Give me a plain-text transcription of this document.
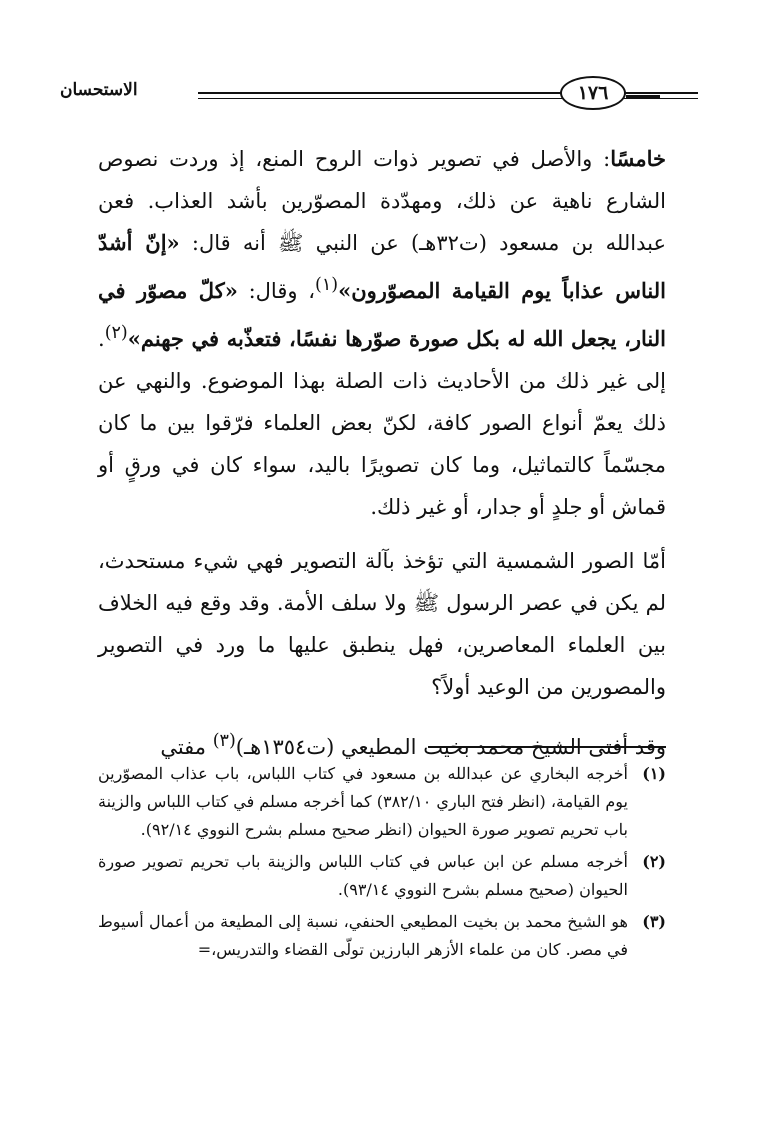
الاستحسان	١٧٦

خامسًا: والأصل في تصوير ذوات الروح المنع، إذ وردت نصوص الشارع ناهية عن ذلك، ومهدّدة المصوّرين بأشد العذاب. فعن عبدالله بن مسعود (ت٣٢هـ) عن النبي ﷺ أنه قال: «إنّ أشدّ الناس عذاباً يوم القيامة المصوّرون»$^{(١)}$، وقال: «كلّ مصوّر في النار، يجعل الله له بكل صورة صوّرها نفسًا، فتعذّبه في جهنم»$^{(٢)}$. إلى غير ذلك من الأحاديث ذات الصلة بهذا الموضوع. والنهي عن ذلك يعمّ أنواع الصور كافة، لكنّ بعض العلماء فرّقوا بين ما كان مجسّماً كالتماثيل، وما كان تصويرًا باليد، سواء كان في ورقٍ أو قماش أو جلدٍ أو جدار، أو غير ذلك.

أمّا الصور الشمسية التي تؤخذ بآلة التصوير فهي شيء مستحدث، لم يكن في عصر الرسول ﷺ ولا سلف الأمة. وقد وقع فيه الخلاف بين العلماء المعاصرين، فهل ينطبق عليها ما ورد في التصوير والمصورين من الوعيد أولاً؟

وقد أفتى الشيخ محمد بخيت المطيعي (ت١٣٥٤هـ)$^{(٣)}$ مفتي

(١)
أخرجه البخاري عن عبدالله بن مسعود في كتاب اللباس، باب عذاب المصوّرين يوم القيامة، (انظر فتح الباري ٣٨٢/١٠) كما أخرجه مسلم في كتاب اللباس والزينة باب تحريم تصوير صورة الحيوان (انظر صحيح مسلم بشرح النووي ٩٢/١٤).
(٢)
أخرجه مسلم عن ابن عباس في كتاب اللباس والزينة باب تحريم تصوير صورة الحيوان (صحيح مسلم بشرح النووي ٩٣/١٤).
(٣)
هو الشيخ محمد بن بخيت المطيعي الحنفي، نسبة إلى المطيعة من أعمال أسيوط في مصر. كان من علماء الأزهر البارزين تولّى القضاء والتدريس،=
